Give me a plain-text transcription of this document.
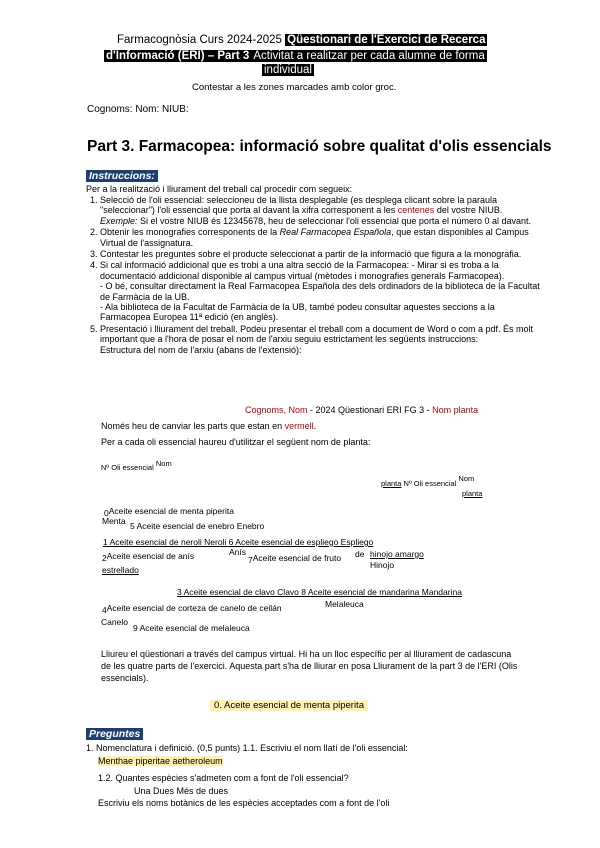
Farmacognòsia Curs 2024-2025 Qüestionari de l'Exercici de Recerca
d'Informació (ERI) – Part 3 Activitat a realitzar per cada alumne de forma
individual
Contestar a les zones marcades amb color groc.
Cognoms: Nom: NIUB:
Part 3. Farmacopea: informació sobre qualitat d'olis essencials
Instruccions:
Per a la realització i lliurament del treball cal procedir com segueix:
1. Selecció de l'oli essencial: seleccioneu de la llista desplegable (es desplega clicant sobre la paraula "seleccionar") l'oli essencial que porta al davant la xifra corresponent a les centenes del vostre NIUB.
Exemple: Si el vostre NIUB és 12345678, heu de seleccionar l'oli essencial que porta el número 0 al davant.
2. Obtenir les monografies corresponents de la Real Farmacopea Española, que estan disponibles al Campus Virtual de l'assignatura.
3. Contestar les preguntes sobre el producte seleccionat a partir de la informació que figura a la monografia.
4. Si cal informació addicional que es trobi a una altra secció de la Farmacopea: - Mirar si es troba a la documentació addicional disponible al campus virtual (mètodes i monografies generals Farmacopea).
- O bé, consultar directament la Real Farmacopea Española des dels ordinadors de la biblioteca de la Facultat de Farmàcia de la UB.
- Ala biblioteca de la Facultat de Farmàcia de la UB, també podeu consultar aquestes seccions a la Farmacopea Europea 11ª edició (en anglès).
5. Presentació i lliurament del treball. Podeu presentar el treball com a document de Word o com a pdf. És molt important que a l'hora de posar el nom de l'arxiu seguiu estrictament les següents instruccions:
Estructura del nom de l'arxiu (abans de l'extensió):
Cognoms, Nom - 2024 Qüestionari ERI FG 3 - Nom planta
Només heu de canviar les parts que estan en vermell.
Per a cada oli essencial haureu d'utilitzar el següent nom de planta:
Nº Oli essencial Nom
planta Nº Oli essencial Nom
planta
0Aceite esencial de menta piperita
Menta 5 Aceite esencial de enebro Enebro
1 Aceite esencial de neroli Neroli 6 Aceite esencial de espliego Espliego
2Aceite esencial de anís	Anís
estrellado
7Aceite esencial de fruto de hinojo amargo
Hinojo
3 Aceite esencial de clavo Clavo 8 Aceite esencial de mandarina Mandarina
4Aceite esencial de corteza de canelo de ceilán	Melaleuca
Canelo
9 Aceite esencial de melaleuca
Lliureu el qüestionari a través del campus virtual. Hi ha un lloc específic per al lliurament de cadascuna de les quatre parts de l'exercici. Aquesta part s'ha de lliurar en posa Lliurament de la part 3 de l'ERI (Olis essencials).
0. Aceite esencial de menta piperita
Preguntes
1. Nomenclatura i definició. (0,5 punts) 1.1. Escriviu el nom llatí de l'oli essencial:
Menthae piperitae aetheroleum
1.2. Quantes espècies s'admeten com a font de l'oli essencial?
Una Dues Més de dues
Escriviu els noms botànics de les espècies acceptades com a font de l'oli
